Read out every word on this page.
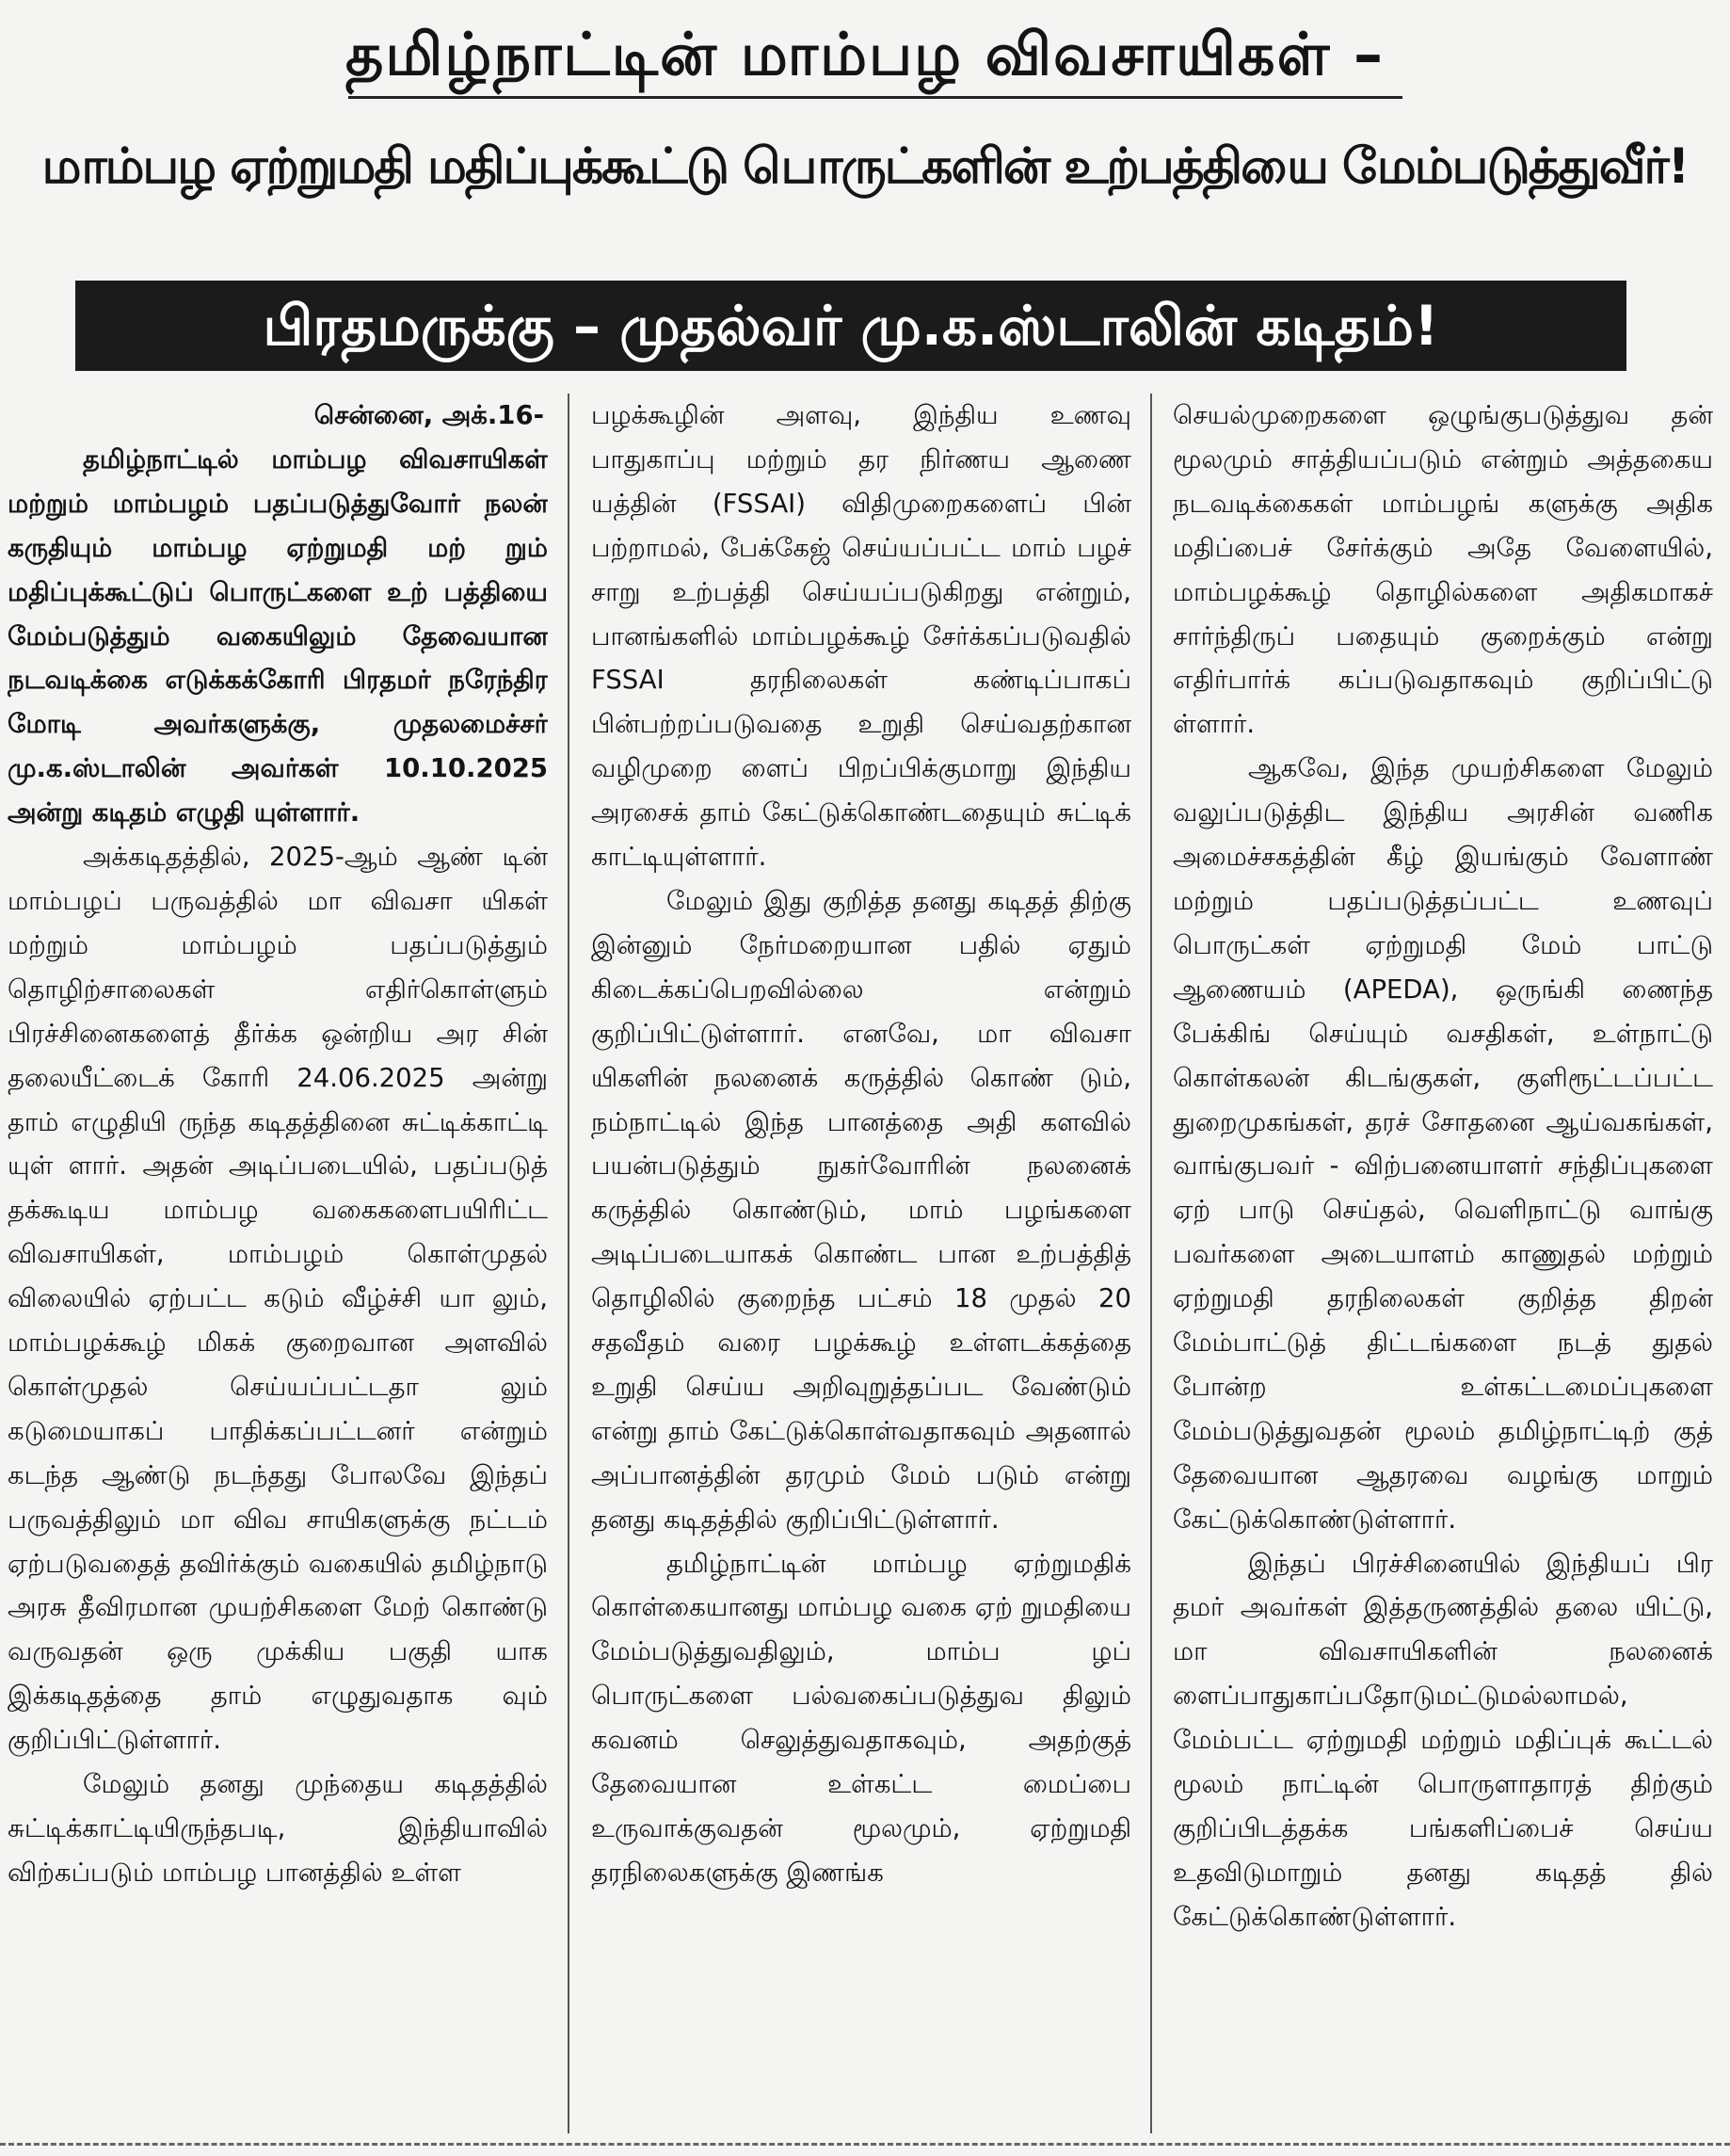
தமிழ்நாட்டின் மாம்பழ விவசாயிகள் –
மாம்பழ ஏற்றுமதி மதிப்புக்கூட்டு பொருட்களின் உற்பத்தியை மேம்படுத்துவீர்!
பிரதமருக்கு – முதல்வர் மு.க.ஸ்டாலின் கடிதம்!

சென்னை, அக்.16-

தமிழ்நாட்டில் மாம்பழ விவசாயிகள் மற்றும் மாம்பழம் பதப்படுத்துவோர் நலன் கருதியும் மாம்பழ ஏற்றுமதி மற் றும் மதிப்புக்கூட்டுப் பொருட்களை உற் பத்தியை மேம்படுத்தும் வகையிலும் தேவையான நடவடிக்கை எடுக்கக்கோரி பிரதமர் நரேந்திர மோடி அவர்களுக்கு, முதலமைச்சர் மு.க.ஸ்டாலின் அவர்கள் 10.10.2025 அன்று கடிதம் எழுதி யுள்ளார்.

அக்கடிதத்தில், 2025-ஆம் ஆண் டின் மாம்பழப் பருவத்தில் மா விவசா யிகள் மற்றும் மாம்பழம் பதப்படுத்தும் தொழிற்சாலைகள் எதிர்கொள்ளும் பிரச்சினைகளைத் தீர்க்க ஒன்றிய அர சின் தலையீட்டைக் கோரி 24.06.2025 அன்று தாம் எழுதியி ருந்த கடிதத்தினை சுட்டிக்காட்டி யுள் ளார். அதன் அடிப்படையில், பதப்படுத் தக்கூடிய மாம்பழ வகைகளைபயிரிட்ட விவசாயிகள், மாம்பழம் கொள்முதல் விலையில் ஏற்பட்ட கடும் வீழ்ச்சி யா லும், மாம்பழக்கூழ் மிகக் குறைவான அளவில் கொள்முதல் செய்யப்பட்டதா லும் கடுமையாகப் பாதிக்கப்பட்டனர் என்றும் கடந்த ஆண்டு நடந்தது போலவே இந்தப் பருவத்திலும் மா விவ சாயிகளுக்கு நட்டம் ஏற்படுவதைத் தவிர்க்கும் வகையில் தமிழ்நாடு அரசு தீவிரமான முயற்சிகளை மேற் கொண்டு வருவதன் ஒரு முக்கிய பகுதி யாக இக்கடிதத்தை தாம் எழுதுவதாக வும் குறிப்பிட்டுள்ளார்.

மேலும் தனது முந்தைய கடிதத்தில் சுட்டிக்காட்டியிருந்தபடி, இந்தியாவில் விற்கப்படும் மாம்பழ பானத்தில் உள்ள

பழக்கூழின் அளவு, இந்திய உணவு பாதுகாப்பு மற்றும் தர நிர்ணய ஆணை யத்தின் (FSSAI) விதிமுறைகளைப் பின் பற்றாமல், பேக்கேஜ் செய்யப்பட்ட மாம் பழச் சாறு உற்பத்தி செய்யப்படுகிறது என்றும், பானங்களில் மாம்பழக்கூழ் சேர்க்கப்படுவதில் FSSAI தரநிலைகள் கண்டிப்பாகப் பின்பற்றப்படுவதை உறுதி செய்வதற்கான வழிமுறை ளைப் பிறப்பிக்குமாறு இந்திய அரசைக் தாம் கேட்டுக்கொண்டதையும் சுட்டிக் காட்டியுள்ளார்.

மேலும் இது குறித்த தனது கடிதத் திற்கு இன்னும் நேர்மறையான பதில் ஏதும் கிடைக்கப்பெறவில்லை என்றும் குறிப்பிட்டுள்ளார். எனவே, மா விவசா யிகளின் நலனைக் கருத்தில் கொண் டும், நம்நாட்டில் இந்த பானத்தை அதி களவில் பயன்படுத்தும் நுகர்வோரின் நலனைக் கருத்தில் கொண்டும், மாம் பழங்களை அடிப்படையாகக் கொண்ட பான உற்பத்தித் தொழிலில் குறைந்த பட்சம் 18 முதல் 20 சதவீதம் வரை பழக்கூழ் உள்ளடக்கத்தை உறுதி செய்ய அறிவுறுத்தப்பட வேண்டும் என்று தாம் கேட்டுக்கொள்வதாகவும் அதனால் அப்பானத்தின் தரமும் மேம் படும் என்று தனது கடிதத்தில் குறிப்பிட்டுள்ளார்.

தமிழ்நாட்டின் மாம்பழ ஏற்றுமதிக் கொள்கையானது மாம்பழ வகை ஏற் றுமதியை மேம்படுத்துவதிலும், மாம்ப ழப் பொருட்களை பல்வகைப்படுத்துவ திலும் கவனம் செலுத்துவதாகவும், அதற்குத் தேவையான உள்கட்ட மைப்பை உருவாக்குவதன் மூலமும், ஏற்றுமதி தரநிலைகளுக்கு இணங்க

செயல்முறைகளை ஒழுங்குபடுத்துவ தன் மூலமும் சாத்தியப்படும் என்றும் அத்தகைய நடவடிக்கைகள் மாம்பழங் களுக்கு அதிக மதிப்பைச் சேர்க்கும் அதே வேளையில், மாம்பழக்கூழ் தொழில்களை அதிகமாகச் சார்ந்திருப் பதையும் குறைக்கும் என்று எதிர்பார்க் கப்படுவதாகவும் குறிப்பிட்டு ள்ளார்.

ஆகவே, இந்த முயற்சிகளை மேலும் வலுப்படுத்திட இந்திய அரசின் வணிக அமைச்சகத்தின் கீழ் இயங்கும் வேளாண் மற்றும் பதப்படுத்தப்பட்ட உணவுப் பொருட்கள் ஏற்றுமதி மேம் பாட்டு ஆணையம் (APEDA), ஒருங்கி ணைந்த பேக்கிங் செய்யும் வசதிகள், உள்நாட்டு கொள்கலன் கிடங்குகள், குளிரூட்டப்பட்ட துறைமுகங்கள், தரச் சோதனை ஆய்வகங்கள், வாங்குபவர் - விற்பனையாளர் சந்திப்புகளை ஏற் பாடு செய்தல், வெளிநாட்டு வாங்கு பவர்களை அடையாளம் காணுதல் மற்றும் ஏற்றுமதி தரநிலைகள் குறித்த திறன் மேம்பாட்டுத் திட்டங்களை நடத் துதல் போன்ற உள்கட்டமைப்புகளை மேம்படுத்துவதன் மூலம் தமிழ்நாட்டிற் குத் தேவையான ஆதரவை வழங்கு மாறும் கேட்டுக்கொண்டுள்ளார்.

இந்தப் பிரச்சினையில் இந்தியப் பிர தமர் அவர்கள் இத்தருணத்தில் தலை யிட்டு, மா விவசாயிகளின் நலனைக் ளைப்பாதுகாப்பதோடுமட்டுமல்லாமல், மேம்பட்ட ஏற்றுமதி மற்றும் மதிப்புக் கூட்டல் மூலம் நாட்டின் பொருளாதாரத் திற்கும் குறிப்பிடத்தக்க பங்களிப்பைச் செய்ய உதவிடுமாறும் தனது கடிதத் தில் கேட்டுக்கொண்டுள்ளார்.
